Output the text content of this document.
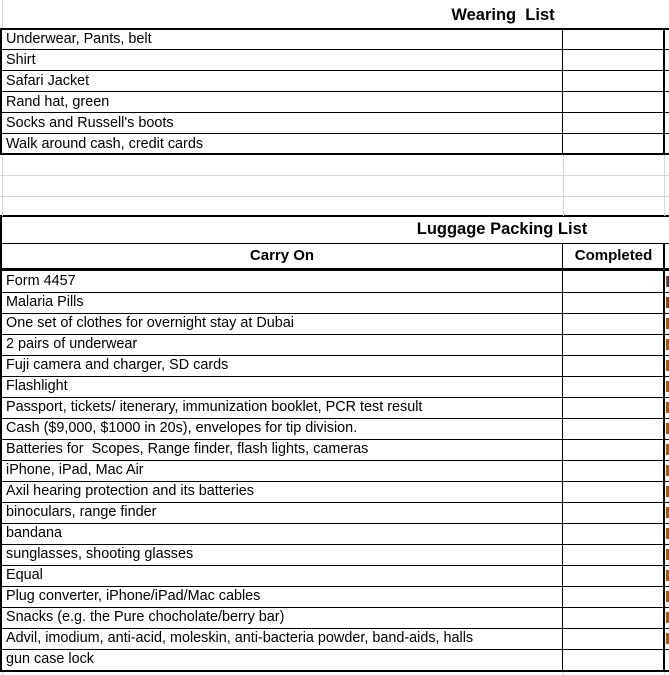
Wearing  List
Luggage Packing List
Carry On	Completed
Underwear, Pants, belt
Shirt
Safari Jacket
Rand hat, green
Socks and Russell's boots
Walk around cash, credit cards
Form 4457
Malaria Pills
One set of clothes for overnight stay at Dubai
2 pairs of underwear
Fuji camera and charger, SD cards
Flashlight
Passport, tickets/ itenerary, immunization booklet, PCR test result
Cash ($9,000, $1000 in 20s), envelopes for tip division.
Batteries for  Scopes, Range finder, flash lights, cameras
iPhone, iPad, Mac Air
Axil hearing protection and its batteries
binoculars, range finder
bandana
sunglasses, shooting glasses
Equal
Plug converter, iPhone/iPad/Mac cables
Snacks (e.g. the Pure chocholate/berry bar)
Advil, imodium, anti-acid, moleskin, anti-bacteria powder, band-aids, halls
gun case lock
